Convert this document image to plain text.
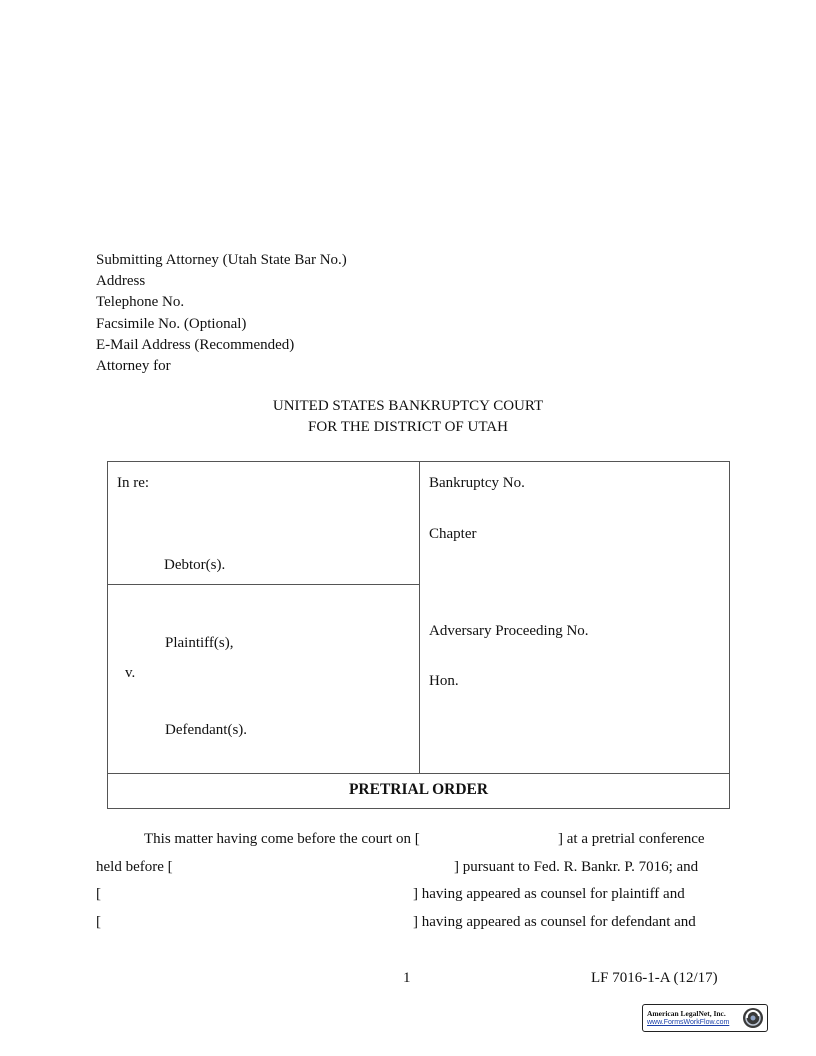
Submitting Attorney (Utah State Bar No.)
Address
Telephone No.
Facsimile No. (Optional)
E-Mail Address (Recommended)
Attorney for
UNITED STATES BANKRUPTCY COURT
FOR THE DISTRICT OF UTAH
In re:
Debtor(s).
Plaintiff(s),
v.
Defendant(s).
Bankruptcy No.
Chapter
Adversary Proceeding No.
Hon.
PRETRIAL ORDER
This matter having come before the court on [	] at a pretrial conference
held before [	] pursuant to Fed. R. Bankr. P. 7016; and
[	] having appeared as counsel for plaintiff and
[	] having appeared as counsel for defendant and
1	LF 7016-1-A (12/17)
American LegalNet, Inc.
www.FormsWorkFlow.com
